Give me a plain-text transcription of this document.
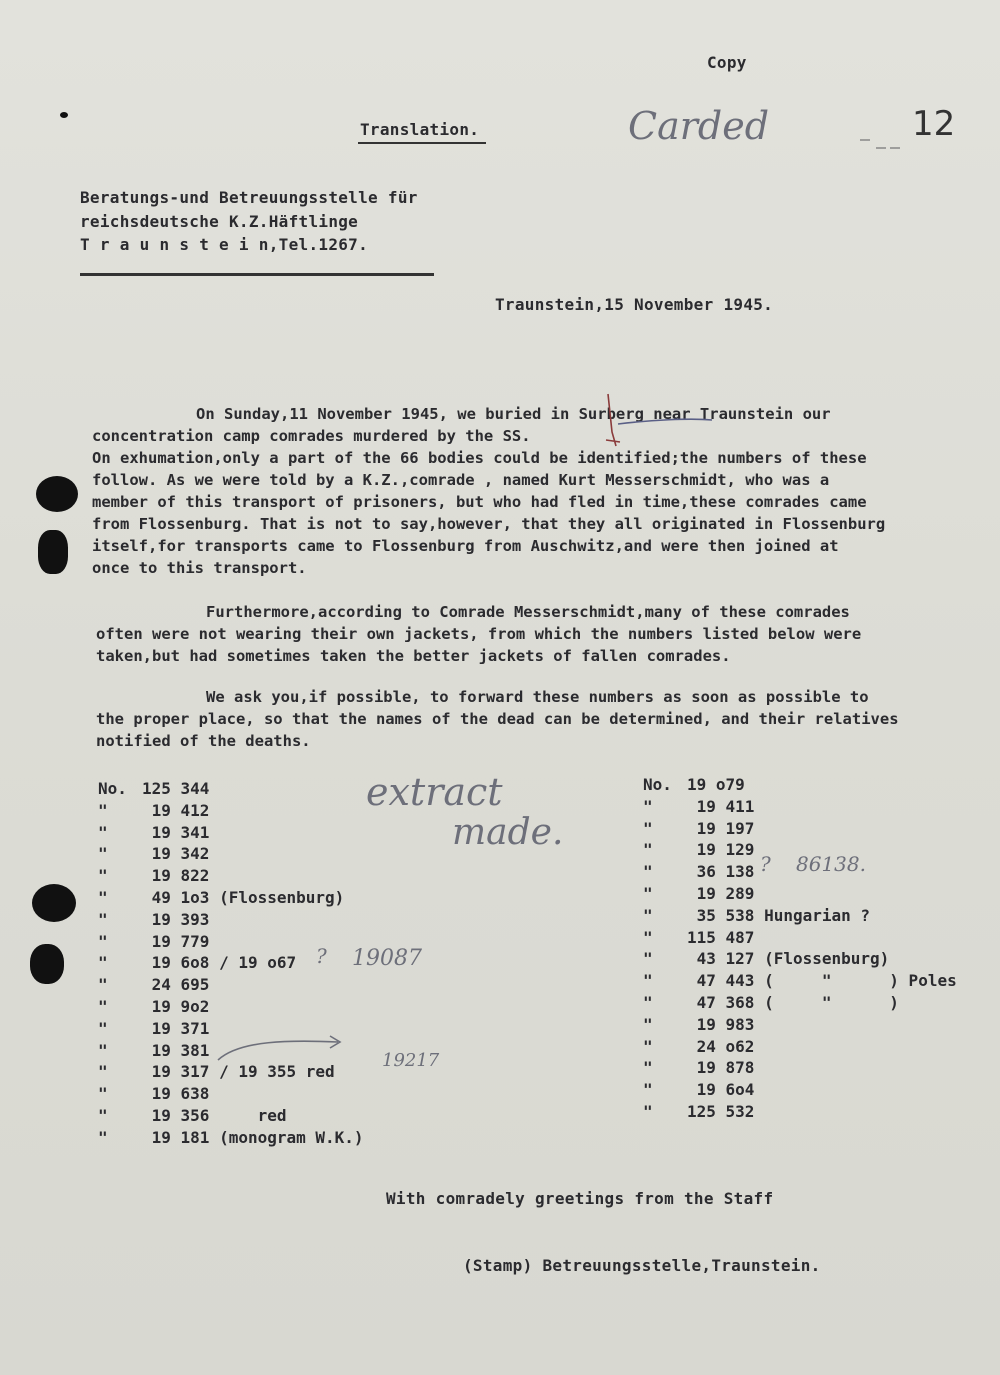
Copy
Translation.	Carded	12
Beratungs-und Betreuungsstelle für
reichsdeutsche K.Z.Häftlinge
T r a u n s t e i n,Tel.1267.
Traunstein,15 November 1945.
On Sunday,11 November 1945, we buried in Surberg near Traunstein our
concentration camp comrades murdered by the SS.
On exhumation,only a part of the 66 bodies could be identified;the numbers of these
follow. As we were told by a K.Z.,comrade , named Kurt Messerschmidt, who was a
member of this transport of prisoners, but who had fled in time,these comrades came
from Flossenburg. That is not to say,however, that they all originated in Flossenburg
itself,for transports came to Flossenburg from Auschwitz,and were then joined at
once to this transport.
Furthermore,according to Comrade Messerschmidt,many of these comrades
often were not wearing their own jackets, from which the numbers listed below were
taken,but had sometimes taken the better jackets of fallen comrades.
We ask you,if possible, to forward these numbers as soon as possible to
the proper place, so that the names of the dead can be determined, and their relatives
notified of the deaths.
No. 125 344
" 19 412
" 19 341
" 19 342
" 19 822
" 49 1o3 (Flossenburg)
" 19 393
" 19 779
" 19 6o8 / 19 o67
" 24 695
" 19 9o2
" 19 371
" 19 381
" 19 317 / 19 355 red
" 19 638
" 19 356     red
" 19 181 (monogram W.K.)
No. 19 o79
" 19 411
" 19 197
" 19 129
" 36 138
" 19 289
" 35 538 Hungarian ?
" 115 487
" 43 127 (Flossenburg)
" 47 443 (     "      ) Poles
" 47 368 (     "      )
" 19 983
" 24 o62
" 19 878
" 19 6o4
" 125 532
extract
made.
19087
?
19217
86138.
?
With comradely greetings from the Staff
(Stamp) Betreuungsstelle,Traunstein.
